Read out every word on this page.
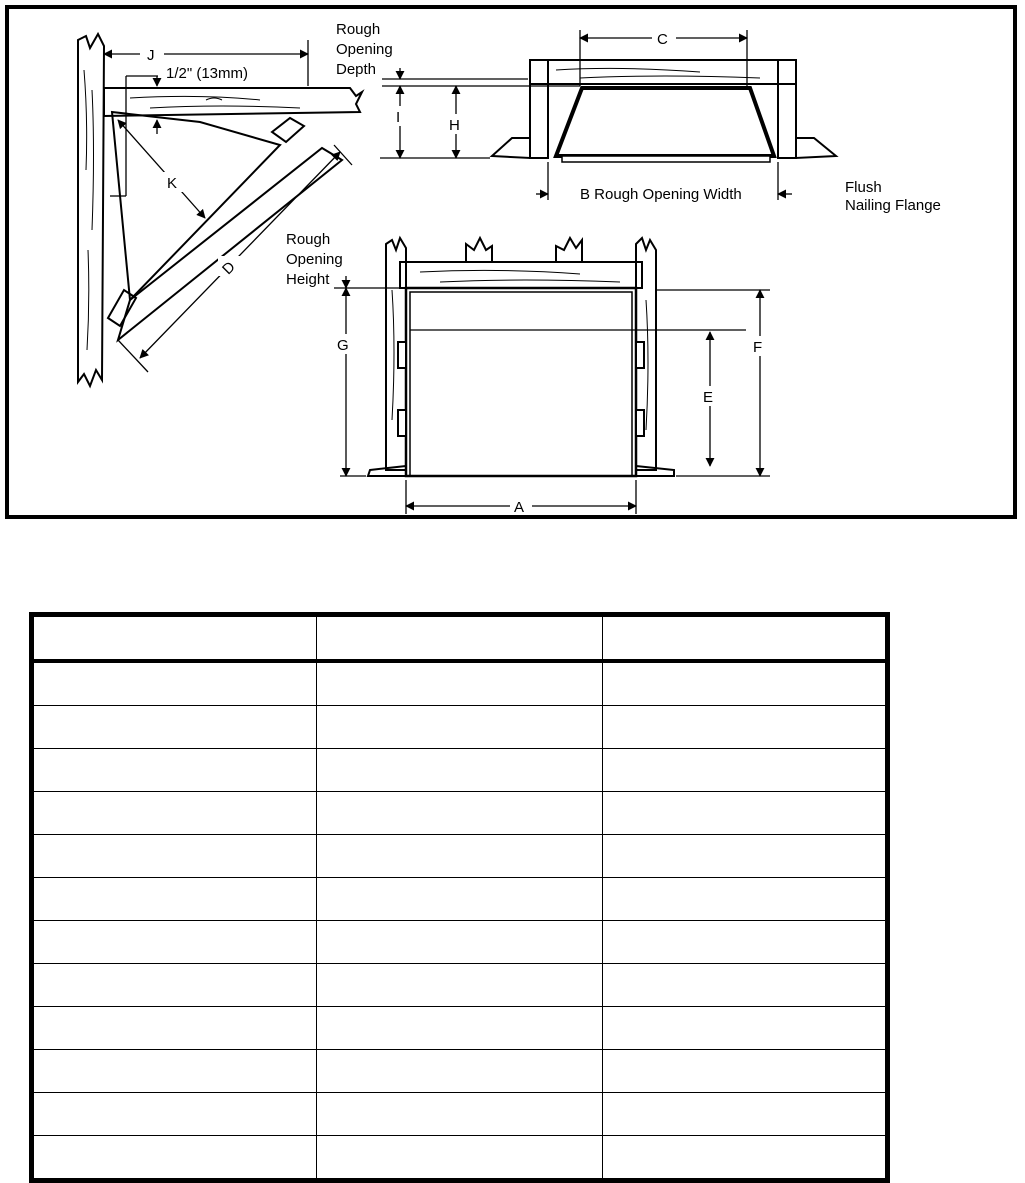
J
1/2" (13mm)
K
D
Rough
Opening
Depth
C
I	H
B Rough Opening Width	Flush
Nailing Flange
Rough
Opening
Height
G	F
E
A
